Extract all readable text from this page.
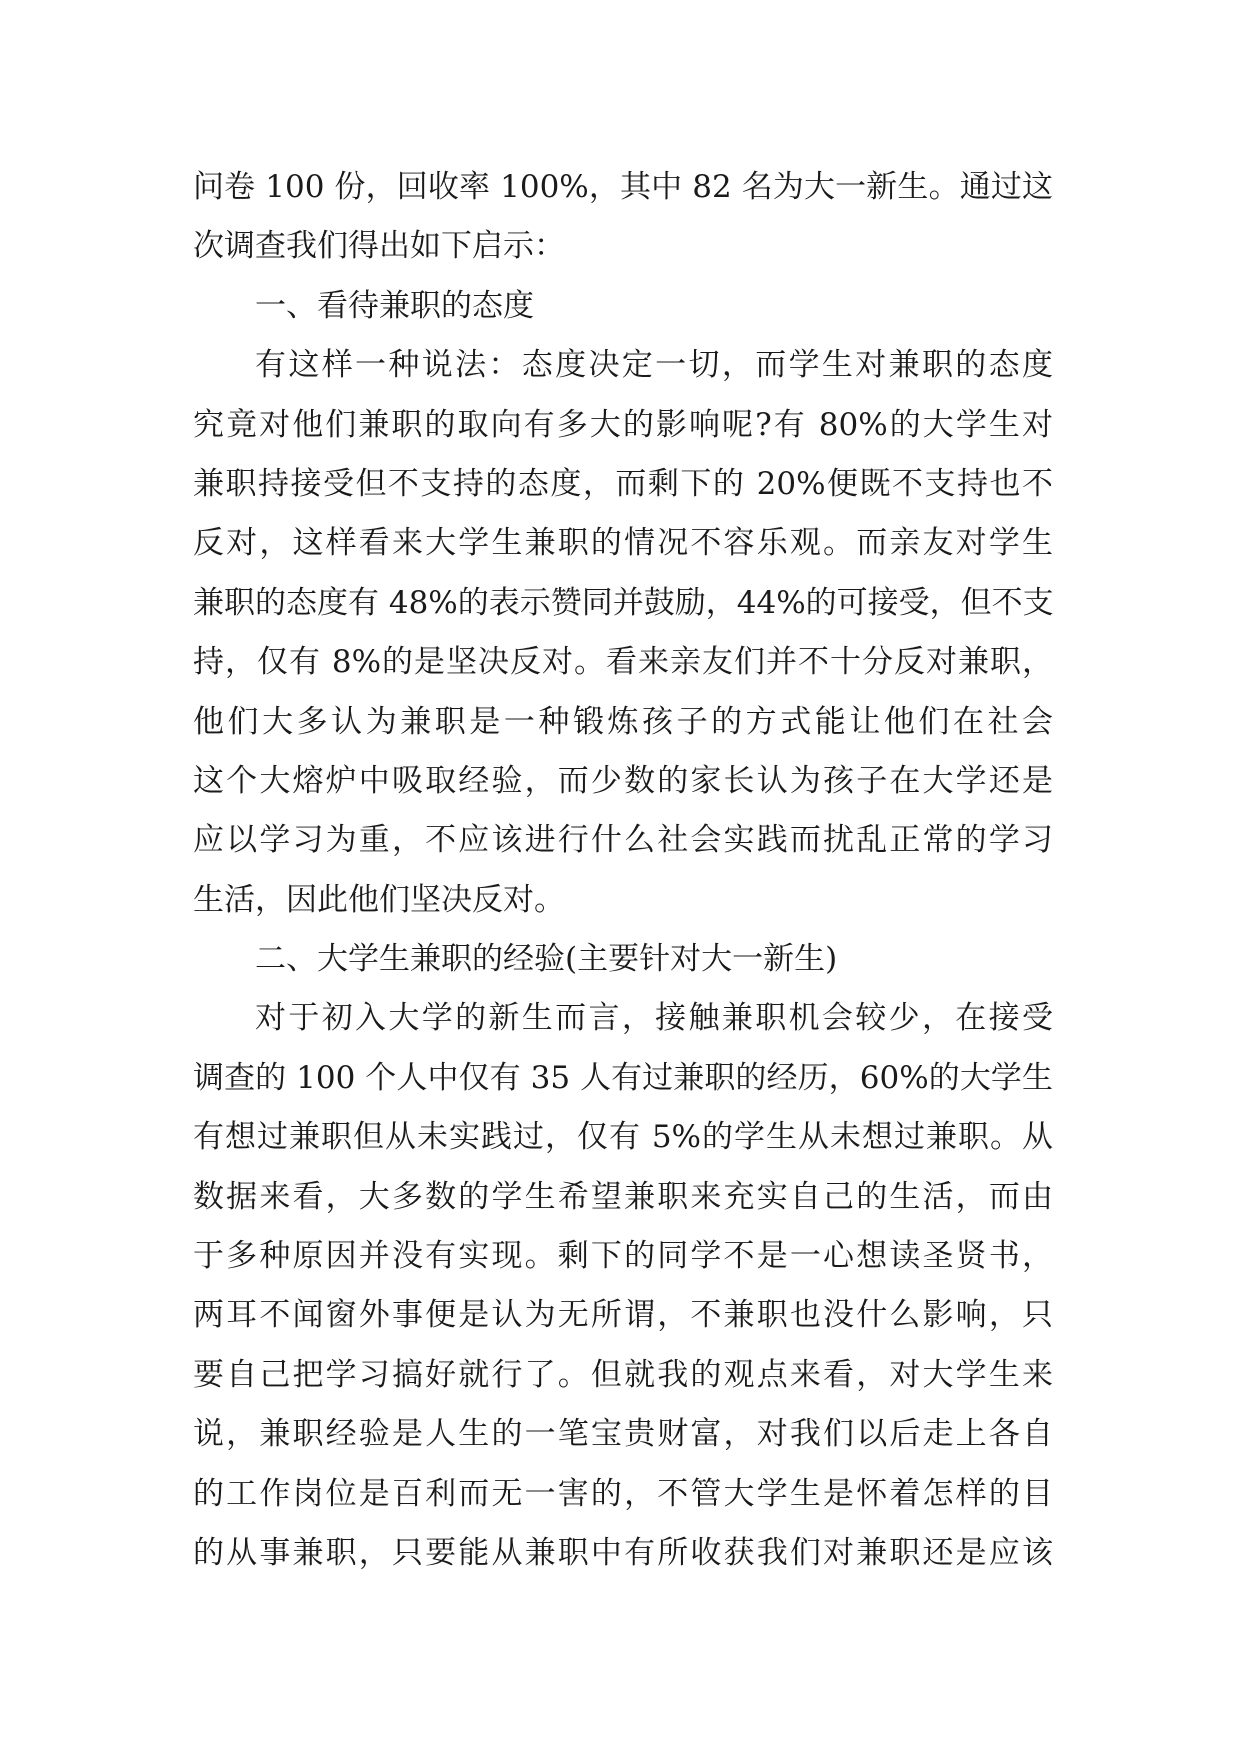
问卷 100 份，回收率 100%，其中 82 名为大一新生。通过这
次调查我们得出如下启示：
一、看待兼职的态度
有这样一种说法：态度决定一切，而学生对兼职的态度
究竟对他们兼职的取向有多大的影响呢?有 80%的大学生对
兼职持接受但不支持的态度，而剩下的 20%便既不支持也不
反对，这样看来大学生兼职的情况不容乐观。而亲友对学生
兼职的态度有 48%的表示赞同并鼓励，44%的可接受，但不支
持，仅有 8%的是坚决反对。看来亲友们并不十分反对兼职，
他们大多认为兼职是一种锻炼孩子的方式能让他们在社会
这个大熔炉中吸取经验，而少数的家长认为孩子在大学还是
应以学习为重，不应该进行什么社会实践而扰乱正常的学习
生活，因此他们坚决反对。
二、大学生兼职的经验(主要针对大一新生)
对于初入大学的新生而言，接触兼职机会较少，在接受
调查的 100 个人中仅有 35 人有过兼职的经历，60%的大学生
有想过兼职但从未实践过，仅有 5%的学生从未想过兼职。从
数据来看，大多数的学生希望兼职来充实自己的生活，而由
于多种原因并没有实现。剩下的同学不是一心想读圣贤书，
两耳不闻窗外事便是认为无所谓，不兼职也没什么影响，只
要自己把学习搞好就行了。但就我的观点来看，对大学生来
说，兼职经验是人生的一笔宝贵财富，对我们以后走上各自
的工作岗位是百利而无一害的，不管大学生是怀着怎样的目
的从事兼职，只要能从兼职中有所收获我们对兼职还是应该
